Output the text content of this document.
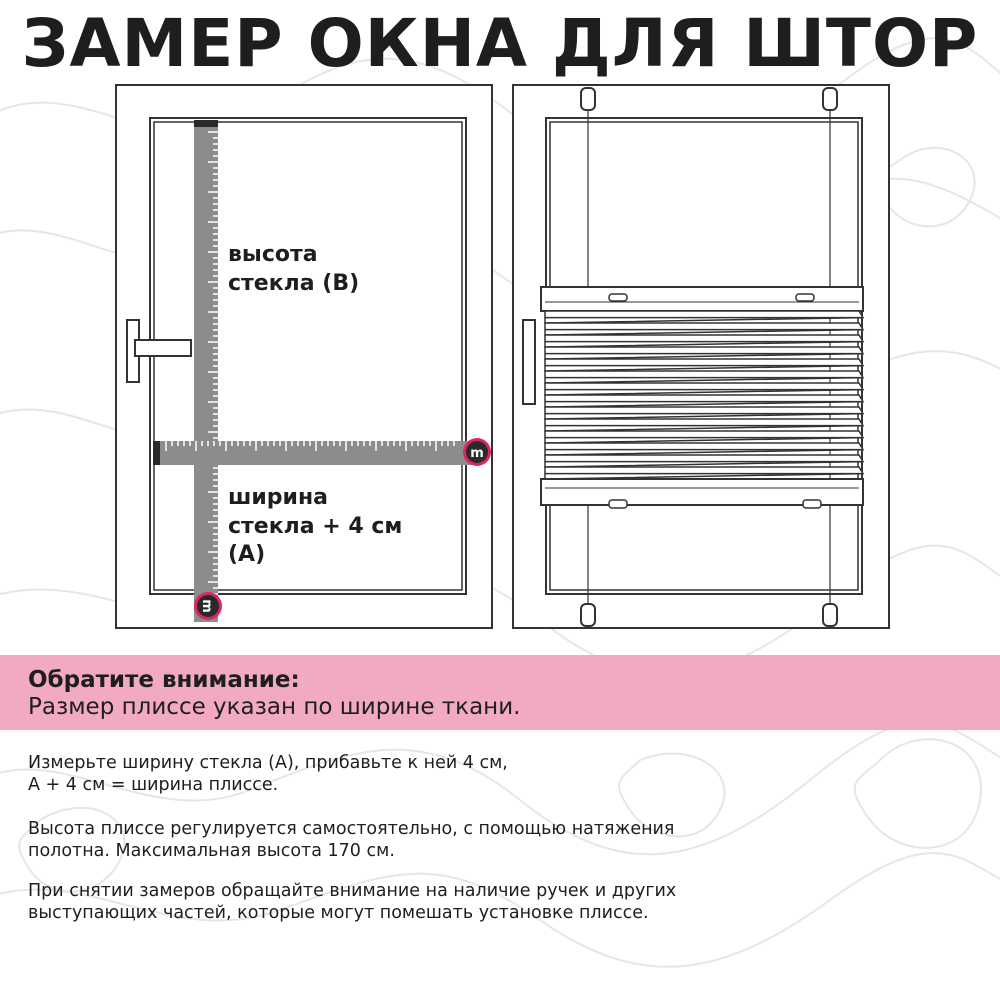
ЗАМЕР ОКНА ДЛЯ ШТОР
m
m
высота
стекла (В)
ширина
стекла + 4 см
(А)
Обратите внимание:
Размер плиссе указан по ширине ткани.
Измерьте ширину стекла (А), прибавьте к ней 4 см,
А + 4 см = ширина плиссе.
Высота плиссе регулируется самостоятельно, с помощью натяжения
полотна. Максимальная высота 170 см.
При снятии замеров обращайте внимание на наличие ручек и других
выступающих частей, которые могут помешать установке плиссе.
